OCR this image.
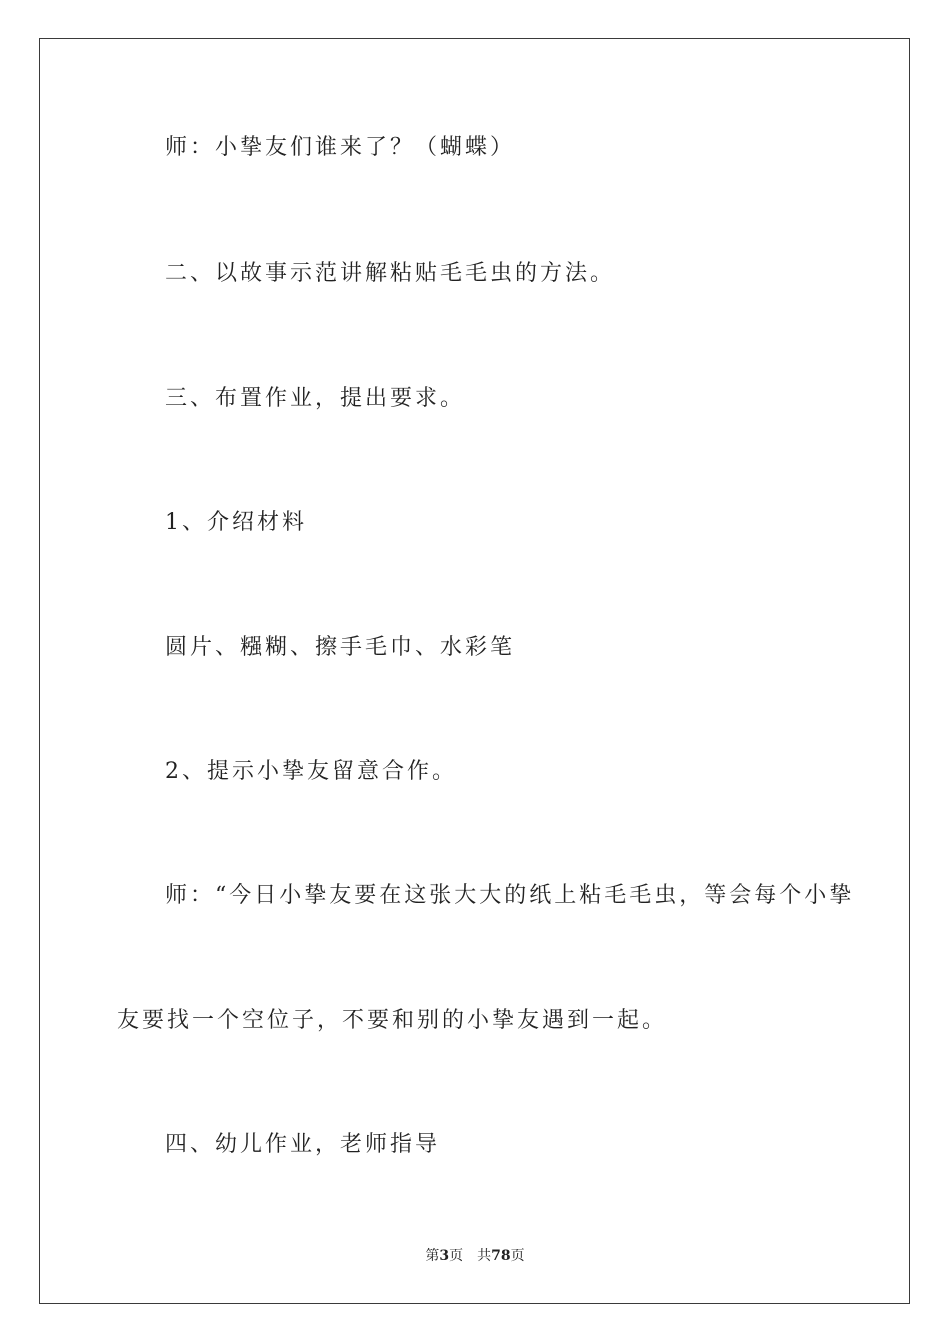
师：小挚友们谁来了？（蝴蝶）
二、以故事示范讲解粘贴毛毛虫的方法。
三、布置作业，提出要求。
1、介绍材料
圆片、糨糊、擦手毛巾、水彩笔
2、提示小挚友留意合作。
师：“今日小挚友要在这张大大的纸上粘毛毛虫，等会每个小挚
友要找一个空位子，不要和别的小挚友遇到一起。
四、幼儿作业，老师指导
第3页 共78页
